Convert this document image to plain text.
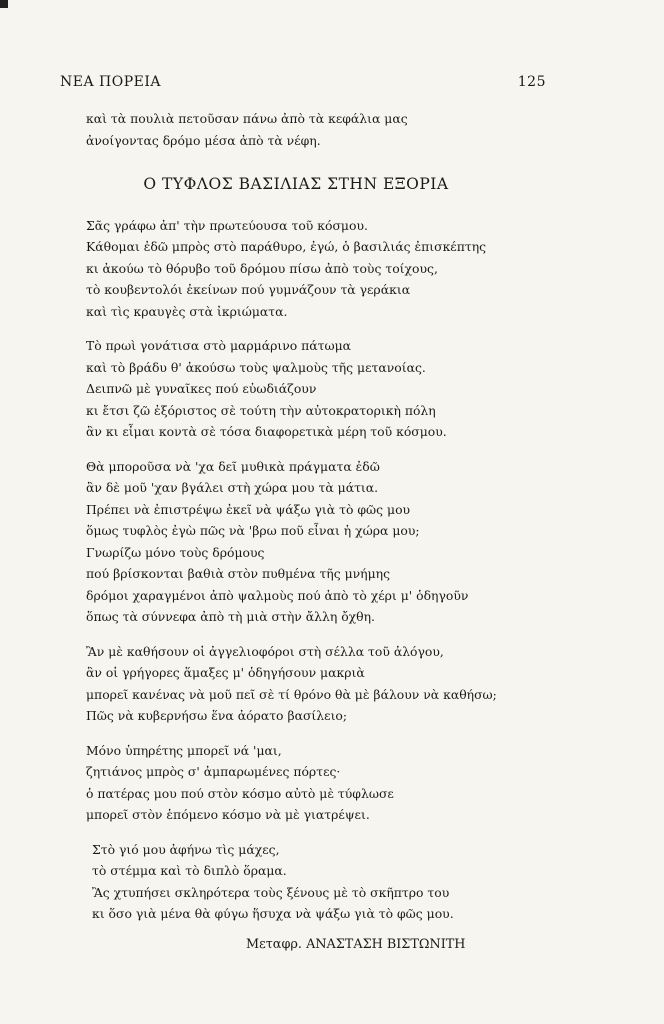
ΝΕΑ ΠΟΡΕΙΑ	125
καὶ τὰ πουλιὰ πετοῦσαν πάνω ἀπὸ τὰ κεφάλια μας
ἀνοίγοντας δρόμο μέσα ἀπὸ τὰ νέφη.
Ο ΤΥΦΛΟΣ ΒΑΣΙΛΙΑΣ ΣΤΗΝ ΕΞΟΡΙΑ
Σᾶς γράφω ἀπ' τὴν πρωτεύουσα τοῦ κόσμου.
Κάθομαι ἐδῶ μπρὸς στὸ παράθυρο, ἐγώ, ὁ βασιλιάς ἐπισκέπτης
κι ἀκούω τὸ θόρυβο τοῦ δρόμου πίσω ἀπὸ τοὺς τοίχους,
τὸ κουβεντολόι ἐκείνων πού γυμνάζουν τὰ γεράκια
καὶ τὶς κραυγὲς στὰ ἰκριώματα.
Τὸ πρωὶ γονάτισα στὸ μαρμάρινο πάτωμα
καὶ τὸ βράδυ θ' ἀκούσω τοὺς ψαλμοὺς τῆς μετανοίας.
Δειπνῶ μὲ γυναῖκες πού εὐωδιάζουν
κι ἔτσι ζῶ ἐξόριστος σὲ τούτη τὴν αὐτοκρατορικὴ πόλη
ἂν κι εἶμαι κοντὰ σὲ τόσα διαφορετικὰ μέρη τοῦ κόσμου.
Θὰ μποροῦσα νὰ 'χα δεῖ μυθικὰ πράγματα ἐδῶ
ἂν δὲ μοῦ 'χαν βγάλει στὴ χώρα μου τὰ μάτια.
Πρέπει νὰ ἐπιστρέψω ἐκεῖ νὰ ψάξω γιὰ τὸ φῶς μου
ὅμως τυφλὸς ἐγὼ πῶς νὰ 'βρω ποῦ εἶναι ἡ χώρα μου;
Γνωρίζω μόνο τοὺς δρόμους
πού βρίσκονται βαθιὰ στὸν πυθμένα τῆς μνήμης
δρόμοι χαραγμένοι ἀπὸ ψαλμοὺς πού ἀπὸ τὸ χέρι μ' ὁδηγοῦν
ὅπως τὰ σύννεφα ἀπὸ τὴ μιὰ στὴν ἄλλη ὄχθη.
Ἂν μὲ καθήσουν οἱ ἀγγελιοφόροι στὴ σέλλα τοῦ ἀλόγου,
ἂν οἱ γρήγορες ἅμαξες μ' ὁδηγήσουν μακριὰ
μπορεῖ κανένας νὰ μοῦ πεῖ σὲ τί θρόνο θὰ μὲ βάλουν νὰ καθήσω;
Πῶς νὰ κυβερνήσω ἕνα ἀόρατο βασίλειο;
Μόνο ὑπηρέτης μπορεῖ νά 'μαι,
ζητιάνος μπρὸς σ' ἀμπαρωμένες πόρτες·
ὁ πατέρας μου πού στὸν κόσμο αὐτὸ μὲ τύφλωσε
μπορεῖ στὸν ἑπόμενο κόσμο νὰ μὲ γιατρέψει.
Στὸ γιό μου ἀφήνω τὶς μάχες,
τὸ στέμμα καὶ τὸ διπλὸ ὅραμα.
Ἂς χτυπήσει σκληρότερα τοὺς ξένους μὲ τὸ σκῆπτρο του
κι ὅσο γιὰ μένα θὰ φύγω ἥσυχα νὰ ψάξω γιὰ τὸ φῶς μου.
Μεταφρ. ΑΝΑΣΤΑΣΗ ΒΙΣΤΩΝΙΤΗ
